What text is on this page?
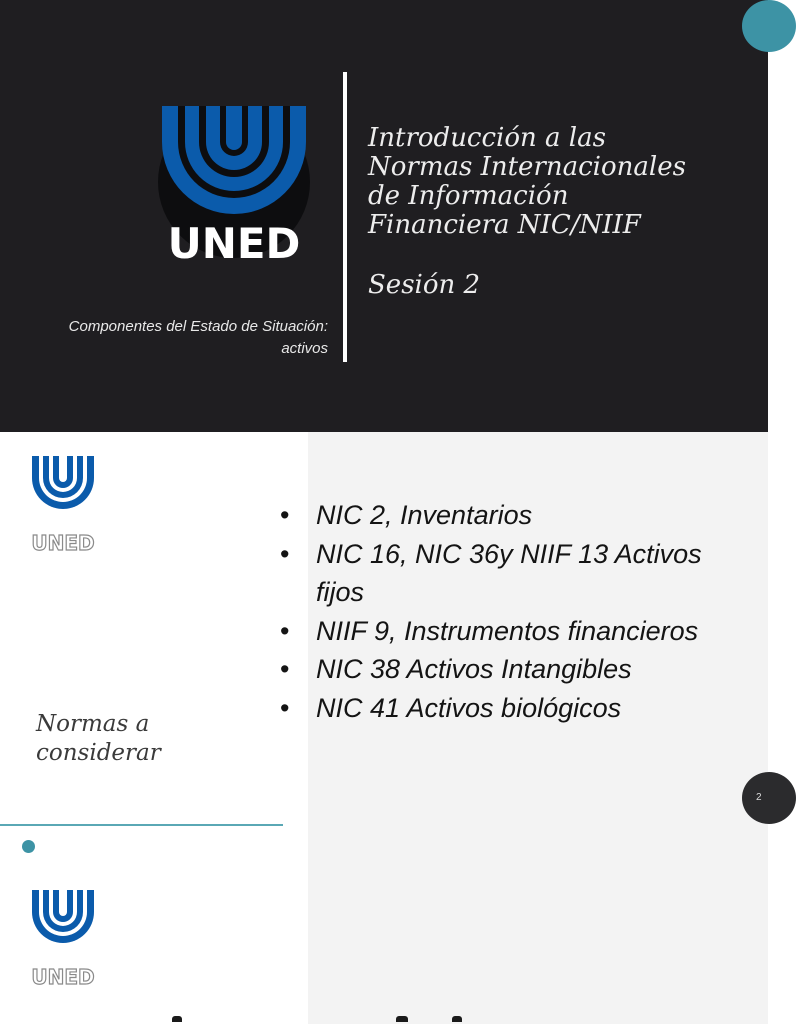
UNED
Introducción a las
Normas Internacionales
de Información
Financiera NIC/NIIF
Sesión 2
Componentes del Estado de Situación:
activos
UNED
Normas a
considerar
• NIC 2, Inventarios
• NIC 16, NIC 36y NIIF 13 Activos fijos
• NIIF 9, Instrumentos financieros
• NIC 38 Activos Intangibles
• NIC 41 Activos biológicos
2
UNED
